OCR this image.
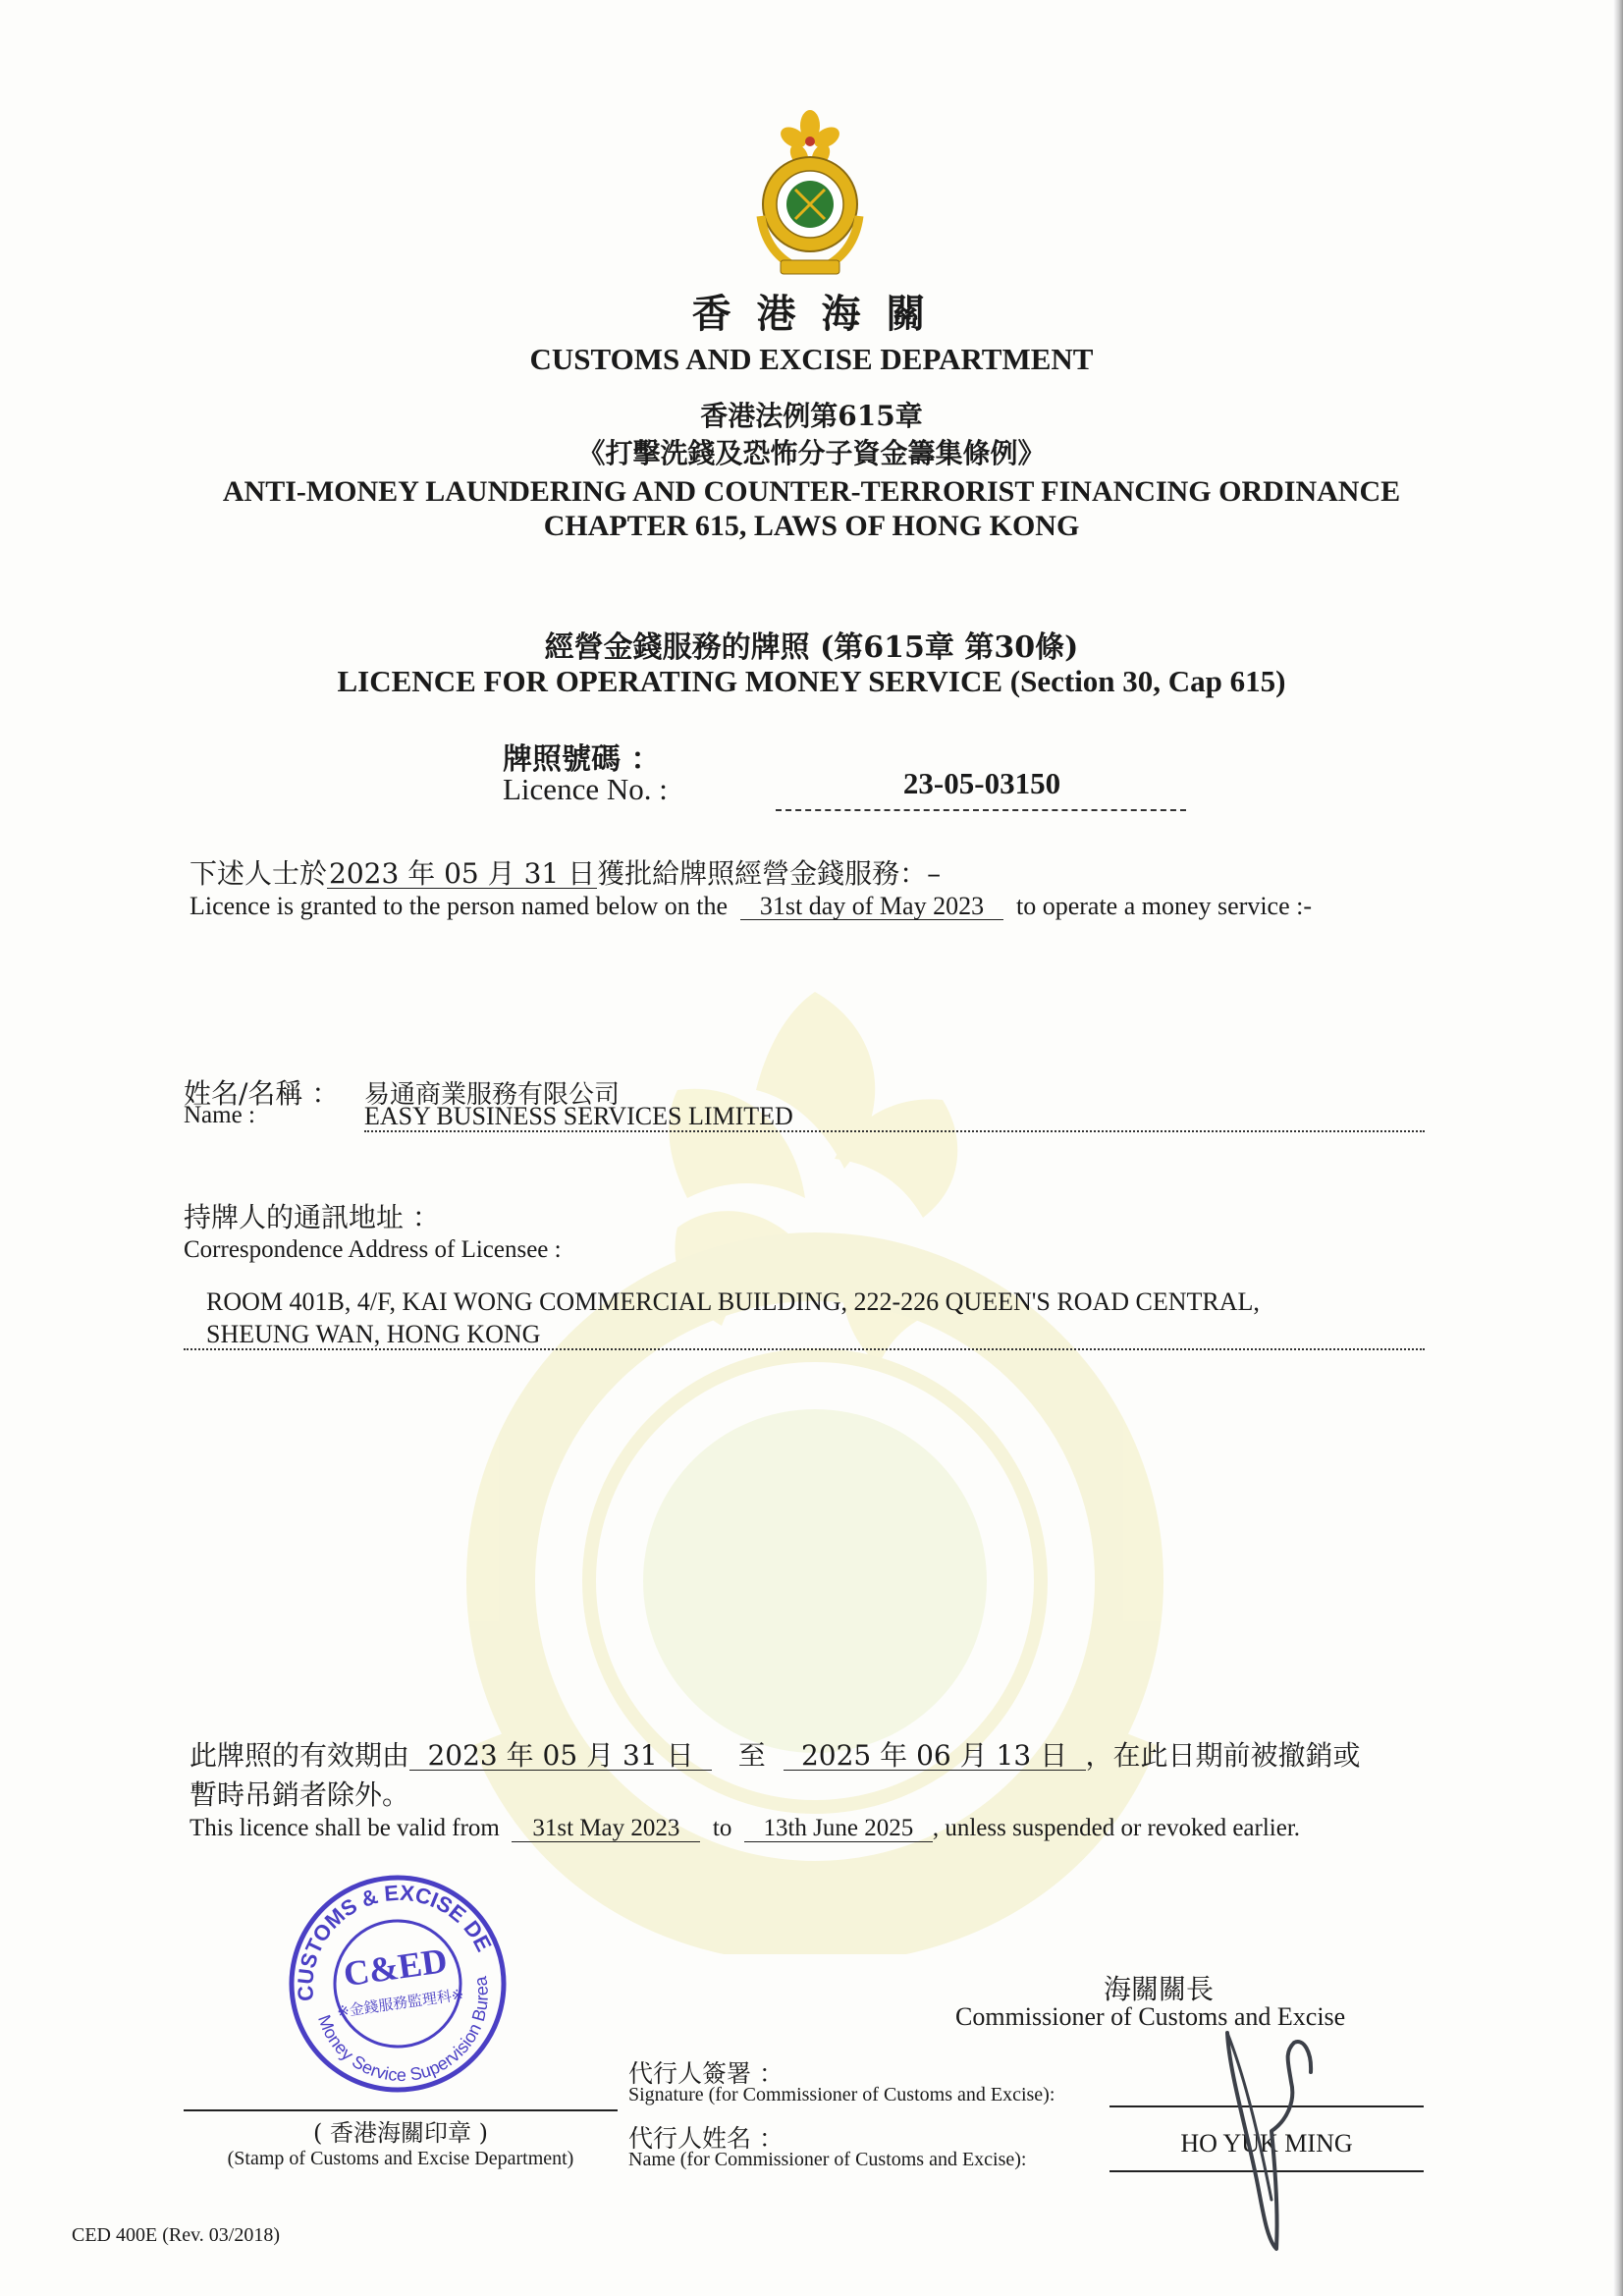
香 港 海 關
CUSTOMS AND EXCISE DEPARTMENT
香港法例第615章
《打擊洗錢及恐怖分子資金籌集條例》
ANTI-MONEY LAUNDERING AND COUNTER-TERRORIST FINANCING ORDINANCE
CHAPTER 615, LAWS OF HONG KONG
經營金錢服務的牌照 (第615章 第30條)
LICENCE FOR OPERATING MONEY SERVICE (Section 30, Cap 615)
牌照號碼 ：
Licence No. :	23-05-03150
下述人士於2023 年 05 月 31 日獲批給牌照經營金錢服務：–
Licence is granted to the person named below on the 31st day of May 2023 to operate a money service :-
姓名/名稱 ：
Name :
易通商業服務有限公司
EASY BUSINESS SERVICES LIMITED
持牌人的通訊地址 ：
Correspondence Address of Licensee :
ROOM 401B, 4/F, KAI WONG COMMERCIAL BUILDING, 222-226 QUEEN'S ROAD CENTRAL,
SHEUNG WAN, HONG KONG
此牌照的有效期由 2023 年 05 月 31 日 至 2025 年 06 月 13 日 ，在此日期前被撤銷或
暫時吊銷者除外。
This licence shall be valid from 31st May 2023 to 13th June 2025 , unless suspended or revoked earlier.
CUSTOMS & EXCISE DEPT.
Money Service Supervision Bureau
C&ED
※金錢服務監理科※
( 香港海關印章 )
(Stamp of Customs and Excise Department)
海關關長
Commissioner of Customs and Excise
代行人簽署 ：
Signature (for Commissioner of Customs and Excise):
代行人姓名 ：
Name (for Commissioner of Customs and Excise):
HO YUK MING
CED 400E (Rev. 03/2018)
